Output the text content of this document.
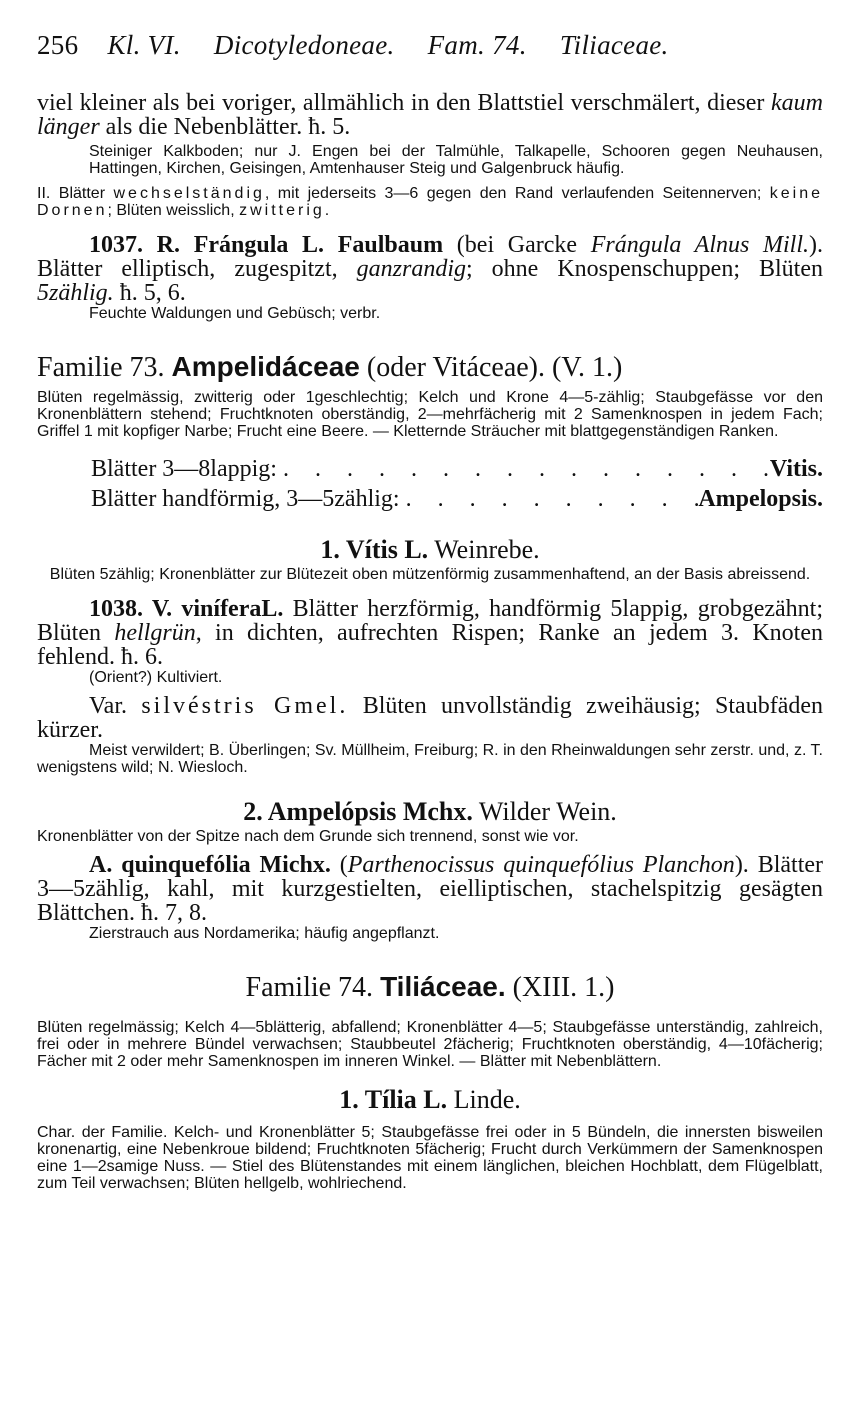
256 Kl. VI. Dicotyledoneae. Fam. 74. Tiliaceae.

viel kleiner als bei voriger, allmählich in den Blattstiel verschmälert, dieser kaum länger als die Nebenblätter. ħ. 5.

Steiniger Kalkboden; nur J. Engen bei der Talmühle, Talkapelle, Schooren gegen Neuhausen, Hattingen, Kirchen, Geisingen, Amtenhauser Steig und Galgenbruck häufig.

II. Blätter wechselständig, mit jederseits 3—6 gegen den Rand verlaufenden Seitennerven; keine Dornen; Blüten weisslich, zwitterig.

1037. R. Frángula L. Faulbaum (bei Garcke Frángula Alnus Mill.). Blätter elliptisch, zugespitzt, ganzrandig; ohne Knospenschuppen; Blüten 5zählig. ħ. 5, 6.

Feuchte Waldungen und Gebüsch; verbr.

Familie 73. Ampelidáceae (oder Vitáceae). (V. 1.)

Blüten regelmässig, zwitterig oder 1geschlechtig; Kelch und Krone 4—5-zählig; Staubgefässe vor den Kronenblättern stehend; Fruchtknoten oberständig, 2—mehrfächerig mit 2 Samenknospen in jedem Fach; Griffel 1 mit kopfiger Narbe; Frucht eine Beere. — Kletternde Sträucher mit blattgegenständigen Ranken.

Blätter 3—8lappig: . . .	Vitis.
Blätter handförmig, 3—5zählig: . . .	Ampelopsis.
1. Vítis L. Weinrebe.

Blüten 5zählig; Kronenblätter zur Blütezeit oben mützenförmig zusammenhaftend, an der Basis abreissend.

1038. V. viníferaL. Blätter herzförmig, handförmig 5lappig, grobgezähnt; Blüten hellgrün, in dichten, aufrechten Rispen; Ranke an jedem 3. Knoten fehlend. ħ. 6.

(Orient?) Kultiviert.

Var. silvéstris Gmel. Blüten unvollständig zweihäusig; Staubfäden kürzer.

Meist verwildert; B. Überlingen; Sv. Müllheim, Freiburg; R. in den Rheinwaldungen sehr zerstr. und, z. T. wenigstens wild; N. Wiesloch.

2. Ampelópsis Mchx. Wilder Wein.

Kronenblätter von der Spitze nach dem Grunde sich trennend, sonst wie vor.

A. quinquefólia Michx. (Parthenocissus quinquefólius Planchon). Blätter 3—5zählig, kahl, mit kurzgestielten, eielliptischen, stachelspitzig gesägten Blättchen. ħ. 7, 8.

Zierstrauch aus Nordamerika; häufig angepflanzt.

Familie 74. Tiliáceae. (XIII. 1.)

Blüten regelmässig; Kelch 4—5blätterig, abfallend; Kronenblätter 4—5; Staubgefässe unterständig, zahlreich, frei oder in mehrere Bündel verwachsen; Staubbeutel 2fächerig; Fruchtknoten oberständig, 4—10fächerig; Fächer mit 2 oder mehr Samenknospen im inneren Winkel. — Blätter mit Nebenblättern.

1. Tília L. Linde.

Char. der Familie. Kelch- und Kronenblätter 5; Staubgefässe frei oder in 5 Bündeln, die innersten bisweilen kronenartig, eine Nebenkroue bildend; Fruchtknoten 5fächerig; Frucht durch Verkümmern der Samenknospen eine 1—2samige Nuss. — Stiel des Blütenstandes mit einem länglichen, bleichen Hochblatt, dem Flügelblatt, zum Teil verwachsen; Blüten hellgelb, wohlriechend.
